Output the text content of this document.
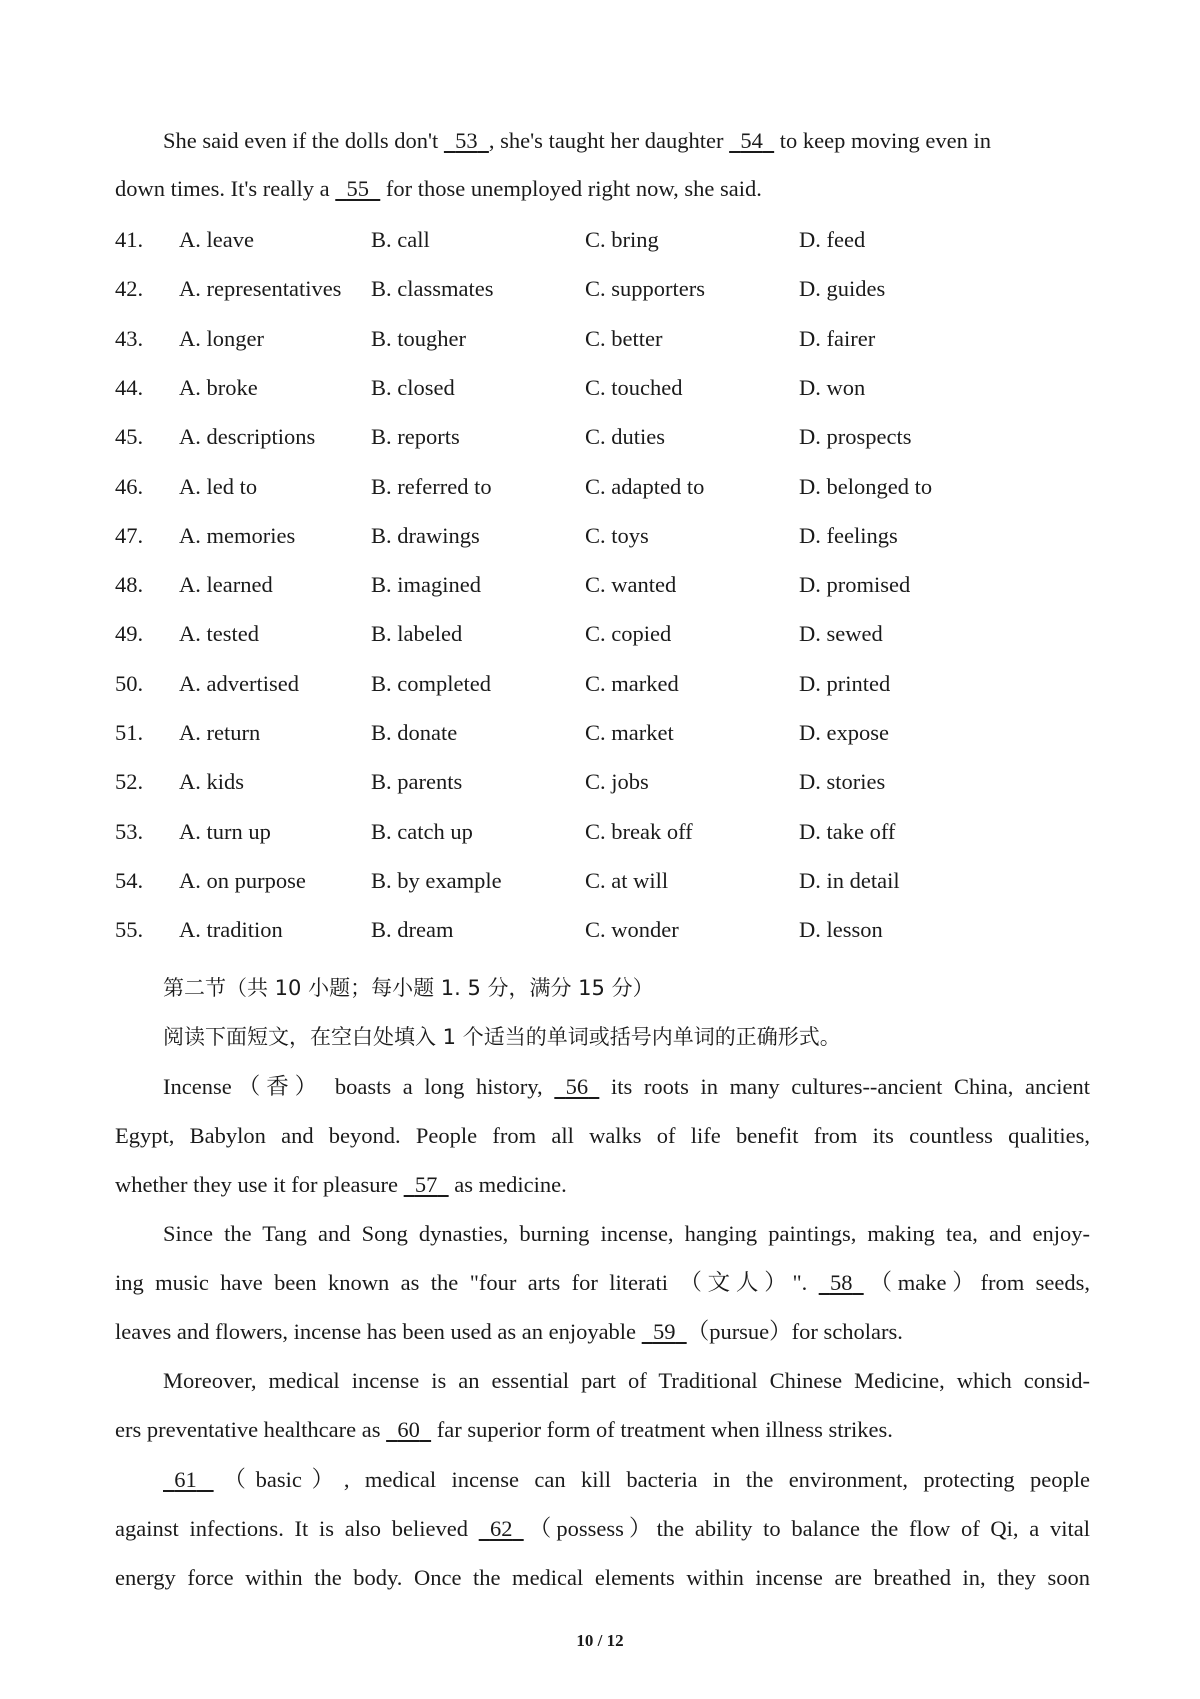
She said even if the dolls don't   53 , she's taught her daughter   54   to keep moving even in
down times. It's really a   55   for those unemployed right now, she said.
41. A. leave	B. call	C. bring	D. feed
42. A. representatives B. classmates	C. supporters	D. guides
43. A. longer	B. tougher	C. better	D. fairer
44. A. broke	B. closed	C. touched	D. won
45. A. descriptions B. reports	C. duties	D. prospects
46. A. led to	B. referred to	C. adapted to	D. belonged to
47. A. memories	B. drawings	C. toys	D. feelings
48. A. learned	B. imagined	C. wanted	D. promised
49. A. tested	B. labeled	C. copied	D. sewed
50. A. advertised	B. completed	C. marked	D. printed
51. A. return	B. donate	C. market	D. expose
52. A. kids	B. parents	C. jobs	D. stories
53. A. turn up	B. catch up	C. break off	D. take off
54. A. on purpose	B. by example	C. at will	D. in detail
55. A. tradition	B. dream	C. wonder	D. lesson
第二节（共 10 小题；每小题 1. 5 分，满分 15 分）
阅读下面短文，在空白处填入 1 个适当的单词或括号内单词的正确形式。
Incense（香） boasts a long history,   56   its roots in many cultures--ancient China, ancient
Egypt, Babylon and beyond. People from all walks of life benefit from its countless qualities,
whether they use it for pleasure   57   as medicine.
Since the Tang and Song dynasties, burning incense, hanging paintings, making tea, and enjoy-
ing music have been known as the "four arts for literati （文人）".   58 （make）from seeds,
leaves and flowers, incense has been used as an enjoyable   59 （pursue）for scholars.
Moreover, medical incense is an essential part of Traditional Chinese Medicine, which consid-
ers preventative healthcare as   60   far superior form of treatment when illness strikes.
61 （basic）, medical incense can kill bacteria in the environment, protecting people
against infections. It is also believed   62 （possess）the ability to balance the flow of Qi, a vital
energy force within the body. Once the medical elements within incense are breathed in, they soon
10 / 12
